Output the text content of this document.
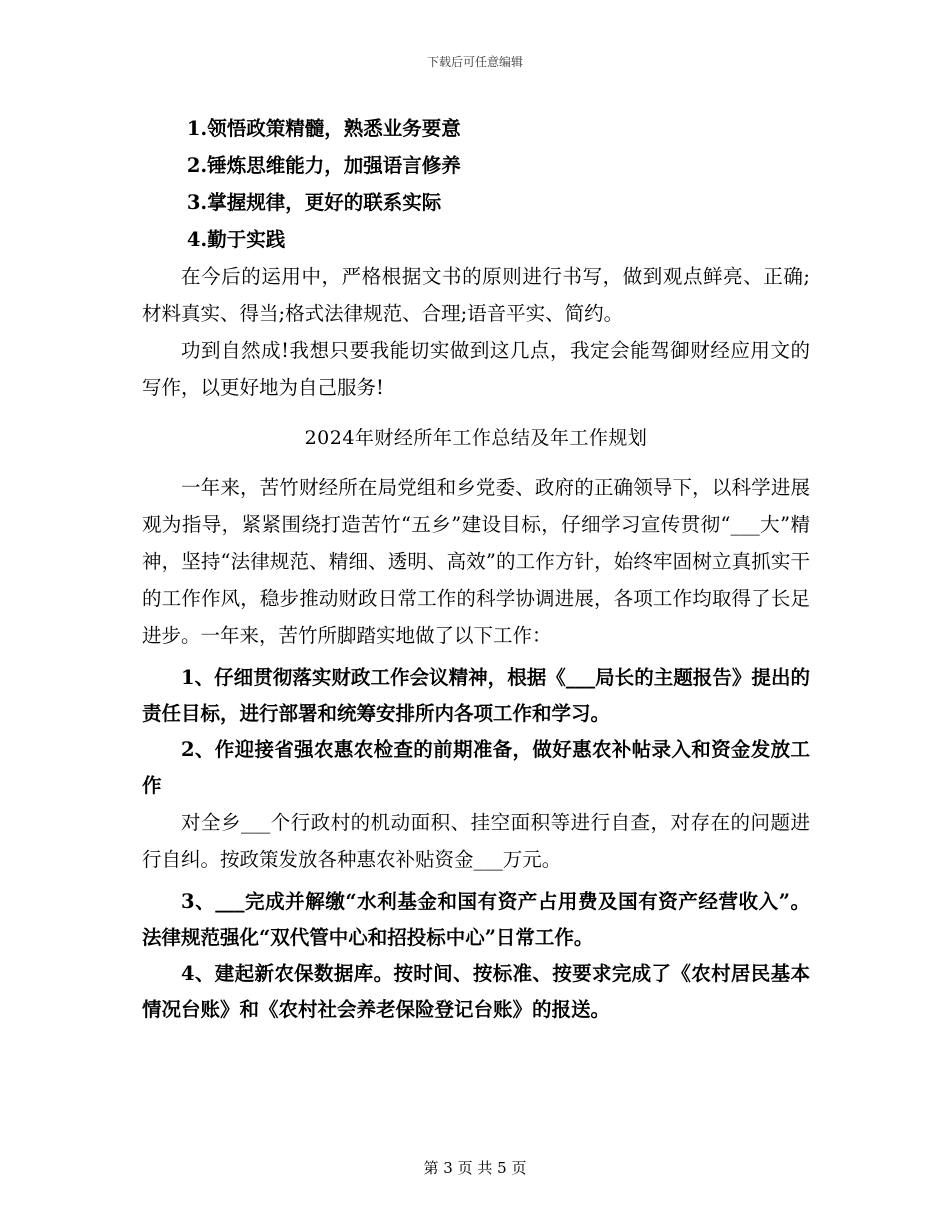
下载后可任意编辑

1.领悟政策精髓，熟悉业务要意

2.锤炼思维能力，加强语言修养

3.掌握规律，更好的联系实际

4.勤于实践

在今后的运用中，严格根据文书的原则进行书写，做到观点鲜亮、正确;材料真实、得当;格式法律规范、合理;语音平实、简约。

功到自然成!我想只要我能切实做到这几点，我定会能驾御财经应用文的写作，以更好地为自己服务!

2024年财经所年工作总结及年工作规划

一年来，苦竹财经所在局党组和乡党委、政府的正确领导下，以科学进展观为指导，紧紧围绕打造苦竹“五乡”建设目标，仔细学习宣传贯彻“___大”精神，坚持“法律规范、精细、透明、高效”的工作方针，始终牢固树立真抓实干的工作作风，稳步推动财政日常工作的科学协调进展，各项工作均取得了长足进步。一年来，苦竹所脚踏实地做了以下工作：

1、仔细贯彻落实财政工作会议精神，根据《___局长的主题报告》提出的责任目标，进行部署和统筹安排所内各项工作和学习。

2、作迎接省强农惠农检查的前期准备，做好惠农补帖录入和资金发放工作

对全乡___个行政村的机动面积、挂空面积等进行自查，对存在的问题进行自纠。按政策发放各种惠农补贴资金___万元。

3、___完成并解缴“水利基金和国有资产占用费及国有资产经营收入”。法律规范强化“双代管中心和招投标中心”日常工作。

4、建起新农保数据库。按时间、按标准、按要求完成了《农村居民基本情况台账》和《农村社会养老保险登记台账》的报送。

第 3 页 共 5 页
